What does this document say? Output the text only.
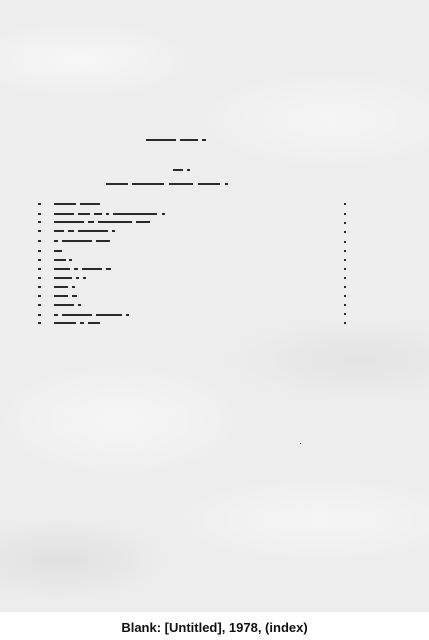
Blank: [Untitled], 1978, (index)
